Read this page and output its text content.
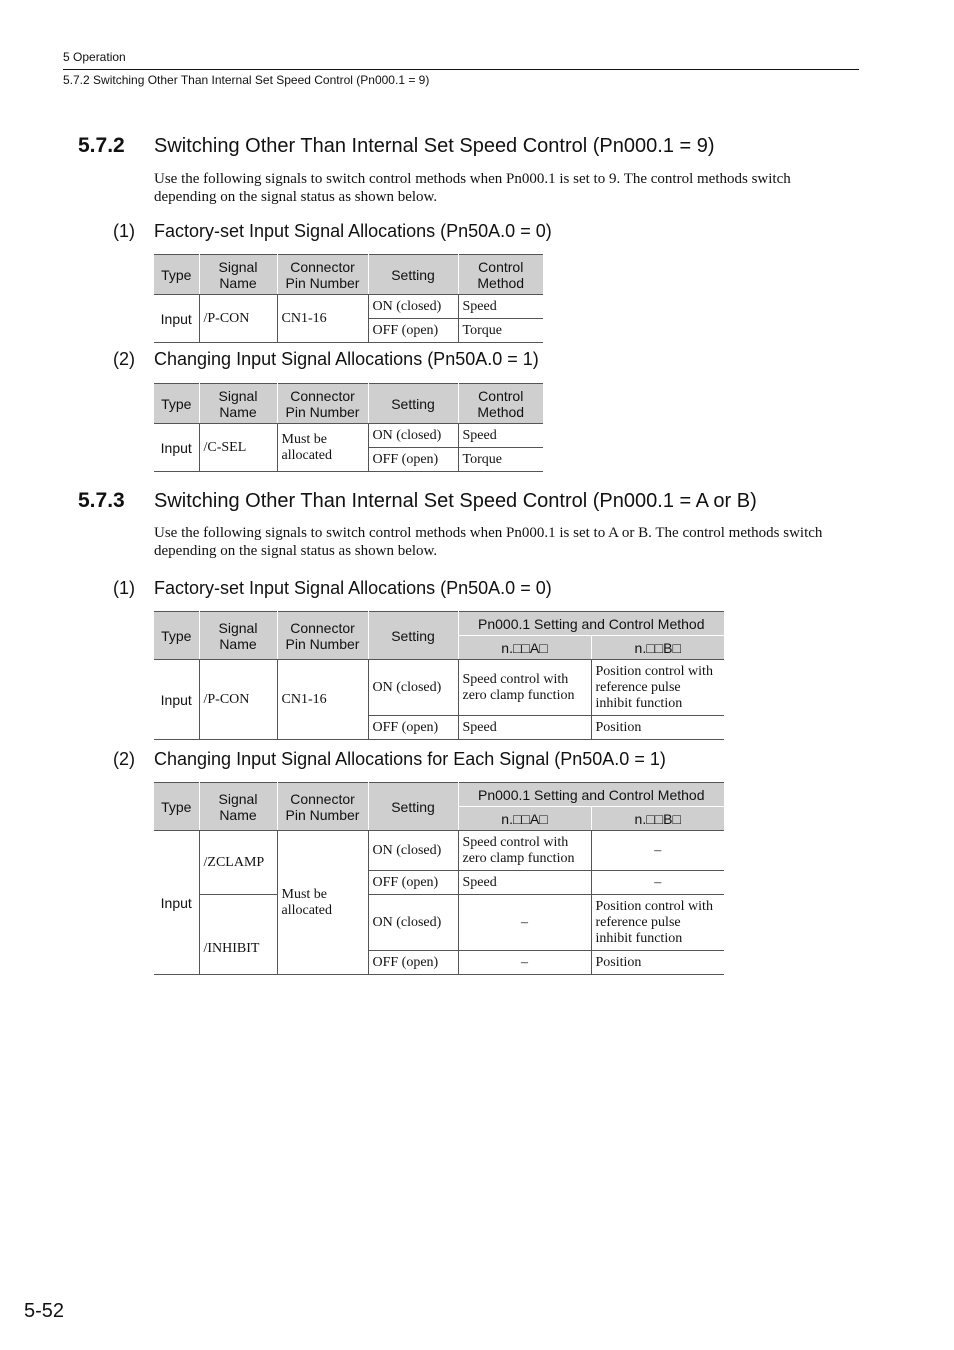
5 Operation
5.7.2 Switching Other Than Internal Set Speed Control (Pn000.1 = 9)
5.7.2 Switching Other Than Internal Set Speed Control (Pn000.1 = 9)
Use the following signals to switch control methods when Pn000.1 is set to 9. The control methods switch depending on the signal status as shown below.
(1) Factory-set Input Signal Allocations (Pn50A.0 = 0)
Type	Signal Name	Connector Pin Number	Setting	Control Method
Input	/P-CON	CN1-16	ON (closed)	Speed
			OFF (open)	Torque
(2) Changing Input Signal Allocations (Pn50A.0 = 1)
Type	Signal Name	Connector Pin Number	Setting	Control Method
Input	/C-SEL	Must be allocated	ON (closed)	Speed
			OFF (open)	Torque
5.7.3 Switching Other Than Internal Set Speed Control (Pn000.1 = A or B)
Use the following signals to switch control methods when Pn000.1 is set to A or B. The control methods switch depending on the signal status as shown below.
(1) Factory-set Input Signal Allocations (Pn50A.0 = 0)
Type	Signal Name	Connector Pin Number	Setting	Pn000.1 Setting and Control Method	
				n.□□A□	n.□□B□
Input	/P-CON	CN1-16	ON (closed)	Speed control with zero clamp function	Position control with reference pulse inhibit function
			OFF (open)	Speed	Position
(2) Changing Input Signal Allocations for Each Signal (Pn50A.0 = 1)
Type	Signal Name	Connector Pin Number	Setting	Pn000.1 Setting and Control Method	
				n.□□A□	n.□□B□
Input	/ZCLAMP	Must be allocated	ON (closed)	Speed control with zero clamp function	–
			OFF (open)	Speed	–
	/INHIBIT		ON (closed)	–	Position control with reference pulse inhibit function
			OFF (open)	–	Position
5-52
